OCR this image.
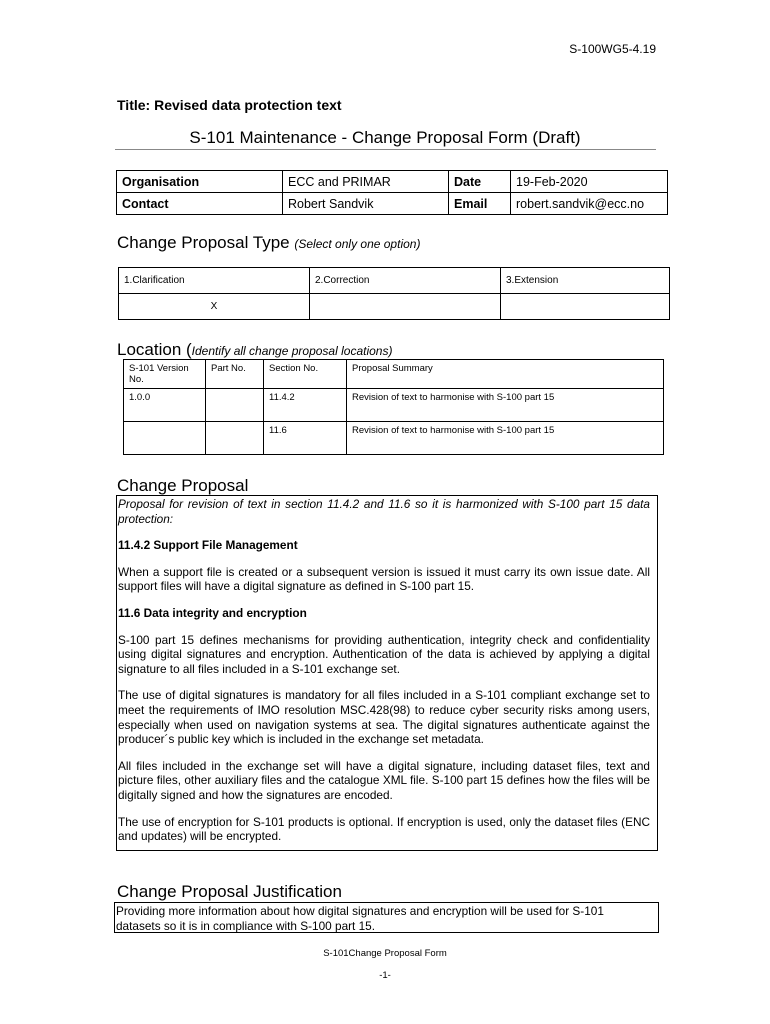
S-100WG5-4.19
Title: Revised data protection text
S-101 Maintenance - Change Proposal Form (Draft)
Organisation	ECC and PRIMAR	Date	19-Feb-2020
Contact	Robert Sandvik	Email	robert.sandvik@ecc.no
Change Proposal Type (Select only one option)
1.Clarification	2.Correction	3.Extension
X		
Location (Identify all change proposal locations)
S-101 Version No.	Part No.	Section No.	Proposal Summary
1.0.0		11.4.2	Revision of text to harmonise with S-100 part 15
		11.6	Revision of text to harmonise with S-100 part 15
Change Proposal

Proposal for revision of text in section 11.4.2 and 11.6 so it is harmonized with S-100 part 15 data protection:

11.4.2 Support File Management

When a support file is created or a subsequent version is issued it must carry its own issue date. All support files will have a digital signature as defined in S-100 part 15.

11.6 Data integrity and encryption

S-100 part 15 defines mechanisms for providing authentication, integrity check and confidentiality using digital signatures and encryption. Authentication of the data is achieved by applying a digital signature to all files included in a S-101 exchange set.

The use of digital signatures is mandatory for all files included in a S-101 compliant exchange set to meet the requirements of IMO resolution MSC.428(98) to reduce cyber security risks among users, especially when used on navigation systems at sea. The digital signatures authenticate against the producer´s public key which is included in the exchange set metadata.

All files included in the exchange set will have a digital signature, including dataset files, text and picture files, other auxiliary files and the catalogue XML file. S-100 part 15 defines how the files will be digitally signed and how the signatures are encoded.

The use of encryption for S-101 products is optional. If encryption is used, only the dataset files (ENC and updates) will be encrypted.

Change Proposal Justification
Providing more information about how digital signatures and encryption will be used for S-101 datasets so it is in compliance with S-100 part 15.
S-101Change Proposal Form
-1-
